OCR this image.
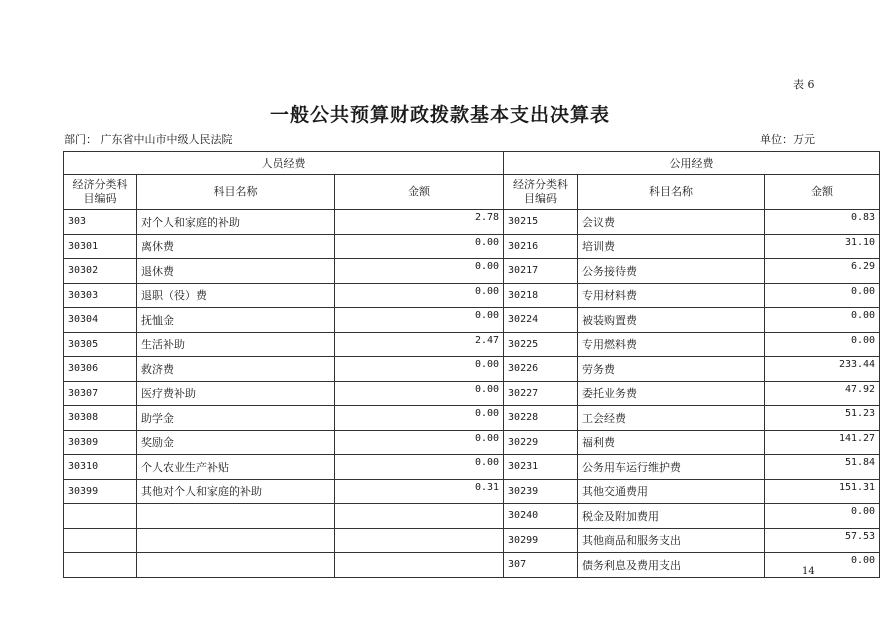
表 6
一般公共预算财政拨款基本支出决算表
部门： 广东省中山市中级人民法院	单位：万元
人员经费			公用经费		
经济分类科目编码	科目名称	金额	经济分类科目编码	科目名称	金额
303	对个人和家庭的补助	2.78	30215	会议费	0.83
30301	离休费	0.00	30216	培训费	31.10
30302	退休费	0.00	30217	公务接待费	6.29
30303	退职（役）费	0.00	30218	专用材料费	0.00
30304	抚恤金	0.00	30224	被装购置费	0.00
30305	生活补助	2.47	30225	专用燃料费	0.00
30306	救济费	0.00	30226	劳务费	233.44
30307	医疗费补助	0.00	30227	委托业务费	47.92
30308	助学金	0.00	30228	工会经费	51.23
30309	奖励金	0.00	30229	福利费	141.27
30310	个人农业生产补贴	0.00	30231	公务用车运行维护费	51.84
30399	其他对个人和家庭的补助	0.31	30239	其他交通费用	151.31
			30240	税金及附加费用	0.00
			30299	其他商品和服务支出	57.53
			307	债务利息及费用支出	0.00
14
